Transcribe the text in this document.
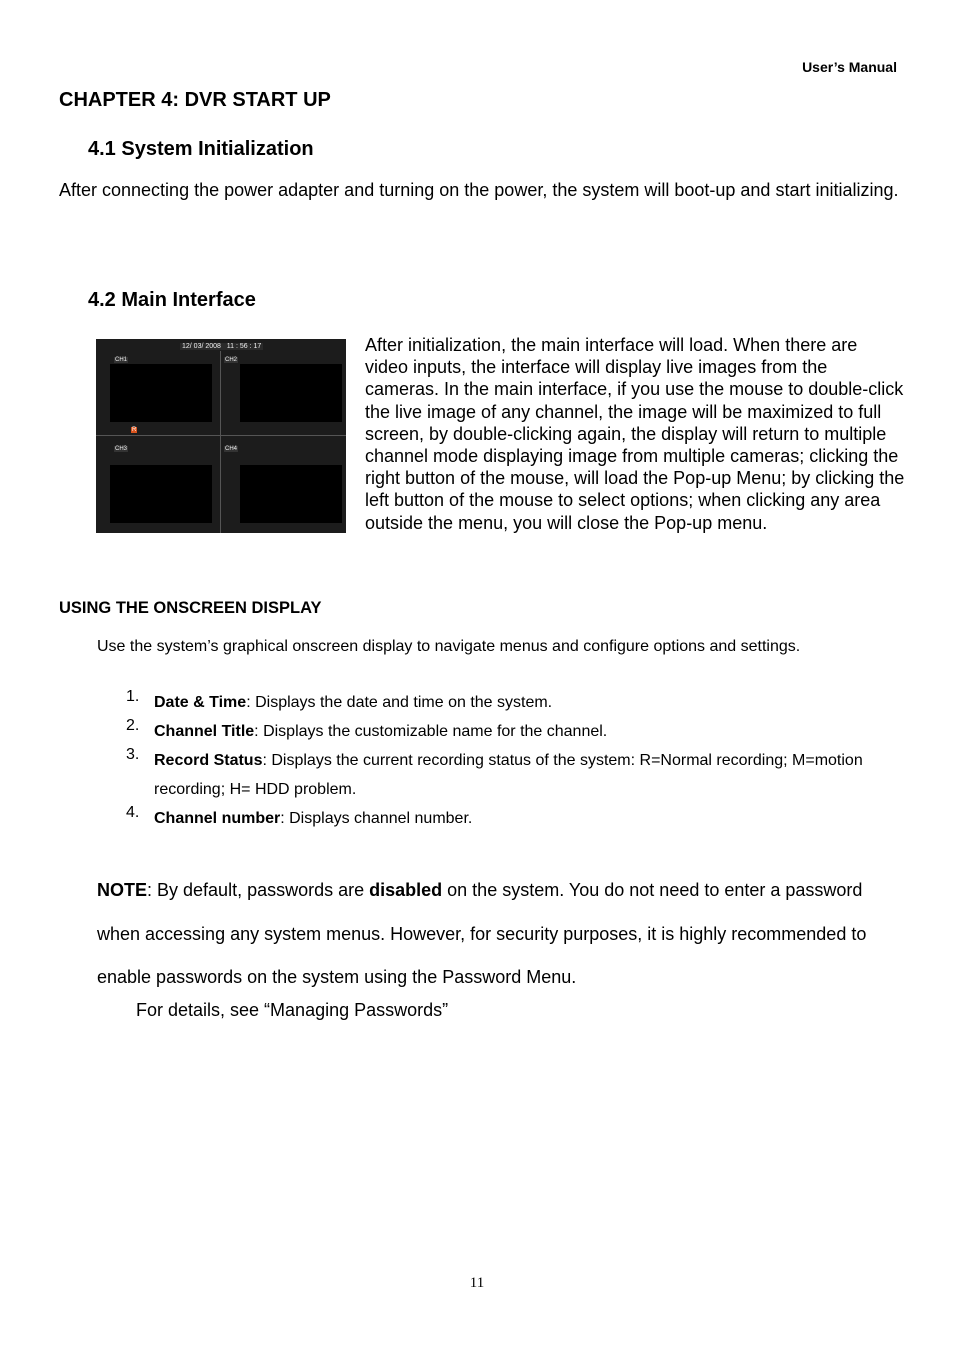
User’s Manual
CHAPTER 4: DVR START UP
4.1 System Initialization
After connecting the power adapter and turning on the power, the system will boot-up and start initializing.
4.2 Main Interface
12/ 03/ 2008   11 : 56 : 17
CH1	CH2
CH3	CH4
R
After initialization, the main interface will load. When there are video inputs, the interface will display live images from the cameras. In the main interface, if you use the mouse to double-click the live image of any channel, the image will be maximized to full screen, by double-clicking again, the display will return to multiple channel mode displaying image from multiple cameras; clicking the right button of the mouse, will load the Pop-up Menu; by clicking the left button of the mouse to select options; when clicking any area outside the menu, you will close the Pop-up menu.
USING THE ONSCREEN DISPLAY
Use the system’s graphical onscreen display to navigate menus and configure options and settings.
1. Date & Time: Displays the date and time on the system.
2. Channel Title: Displays the customizable name for the channel.
3. Record Status: Displays the current recording status of the system: R=Normal recording; M=motion recording; H= HDD problem.
4. Channel number: Displays channel number.
NOTE: By default, passwords are disabled on the system. You do not need to enter a password when accessing any system menus. However, for security purposes, it is highly recommended to enable passwords on the system using the Password Menu.
For details, see “Managing Passwords”
11
